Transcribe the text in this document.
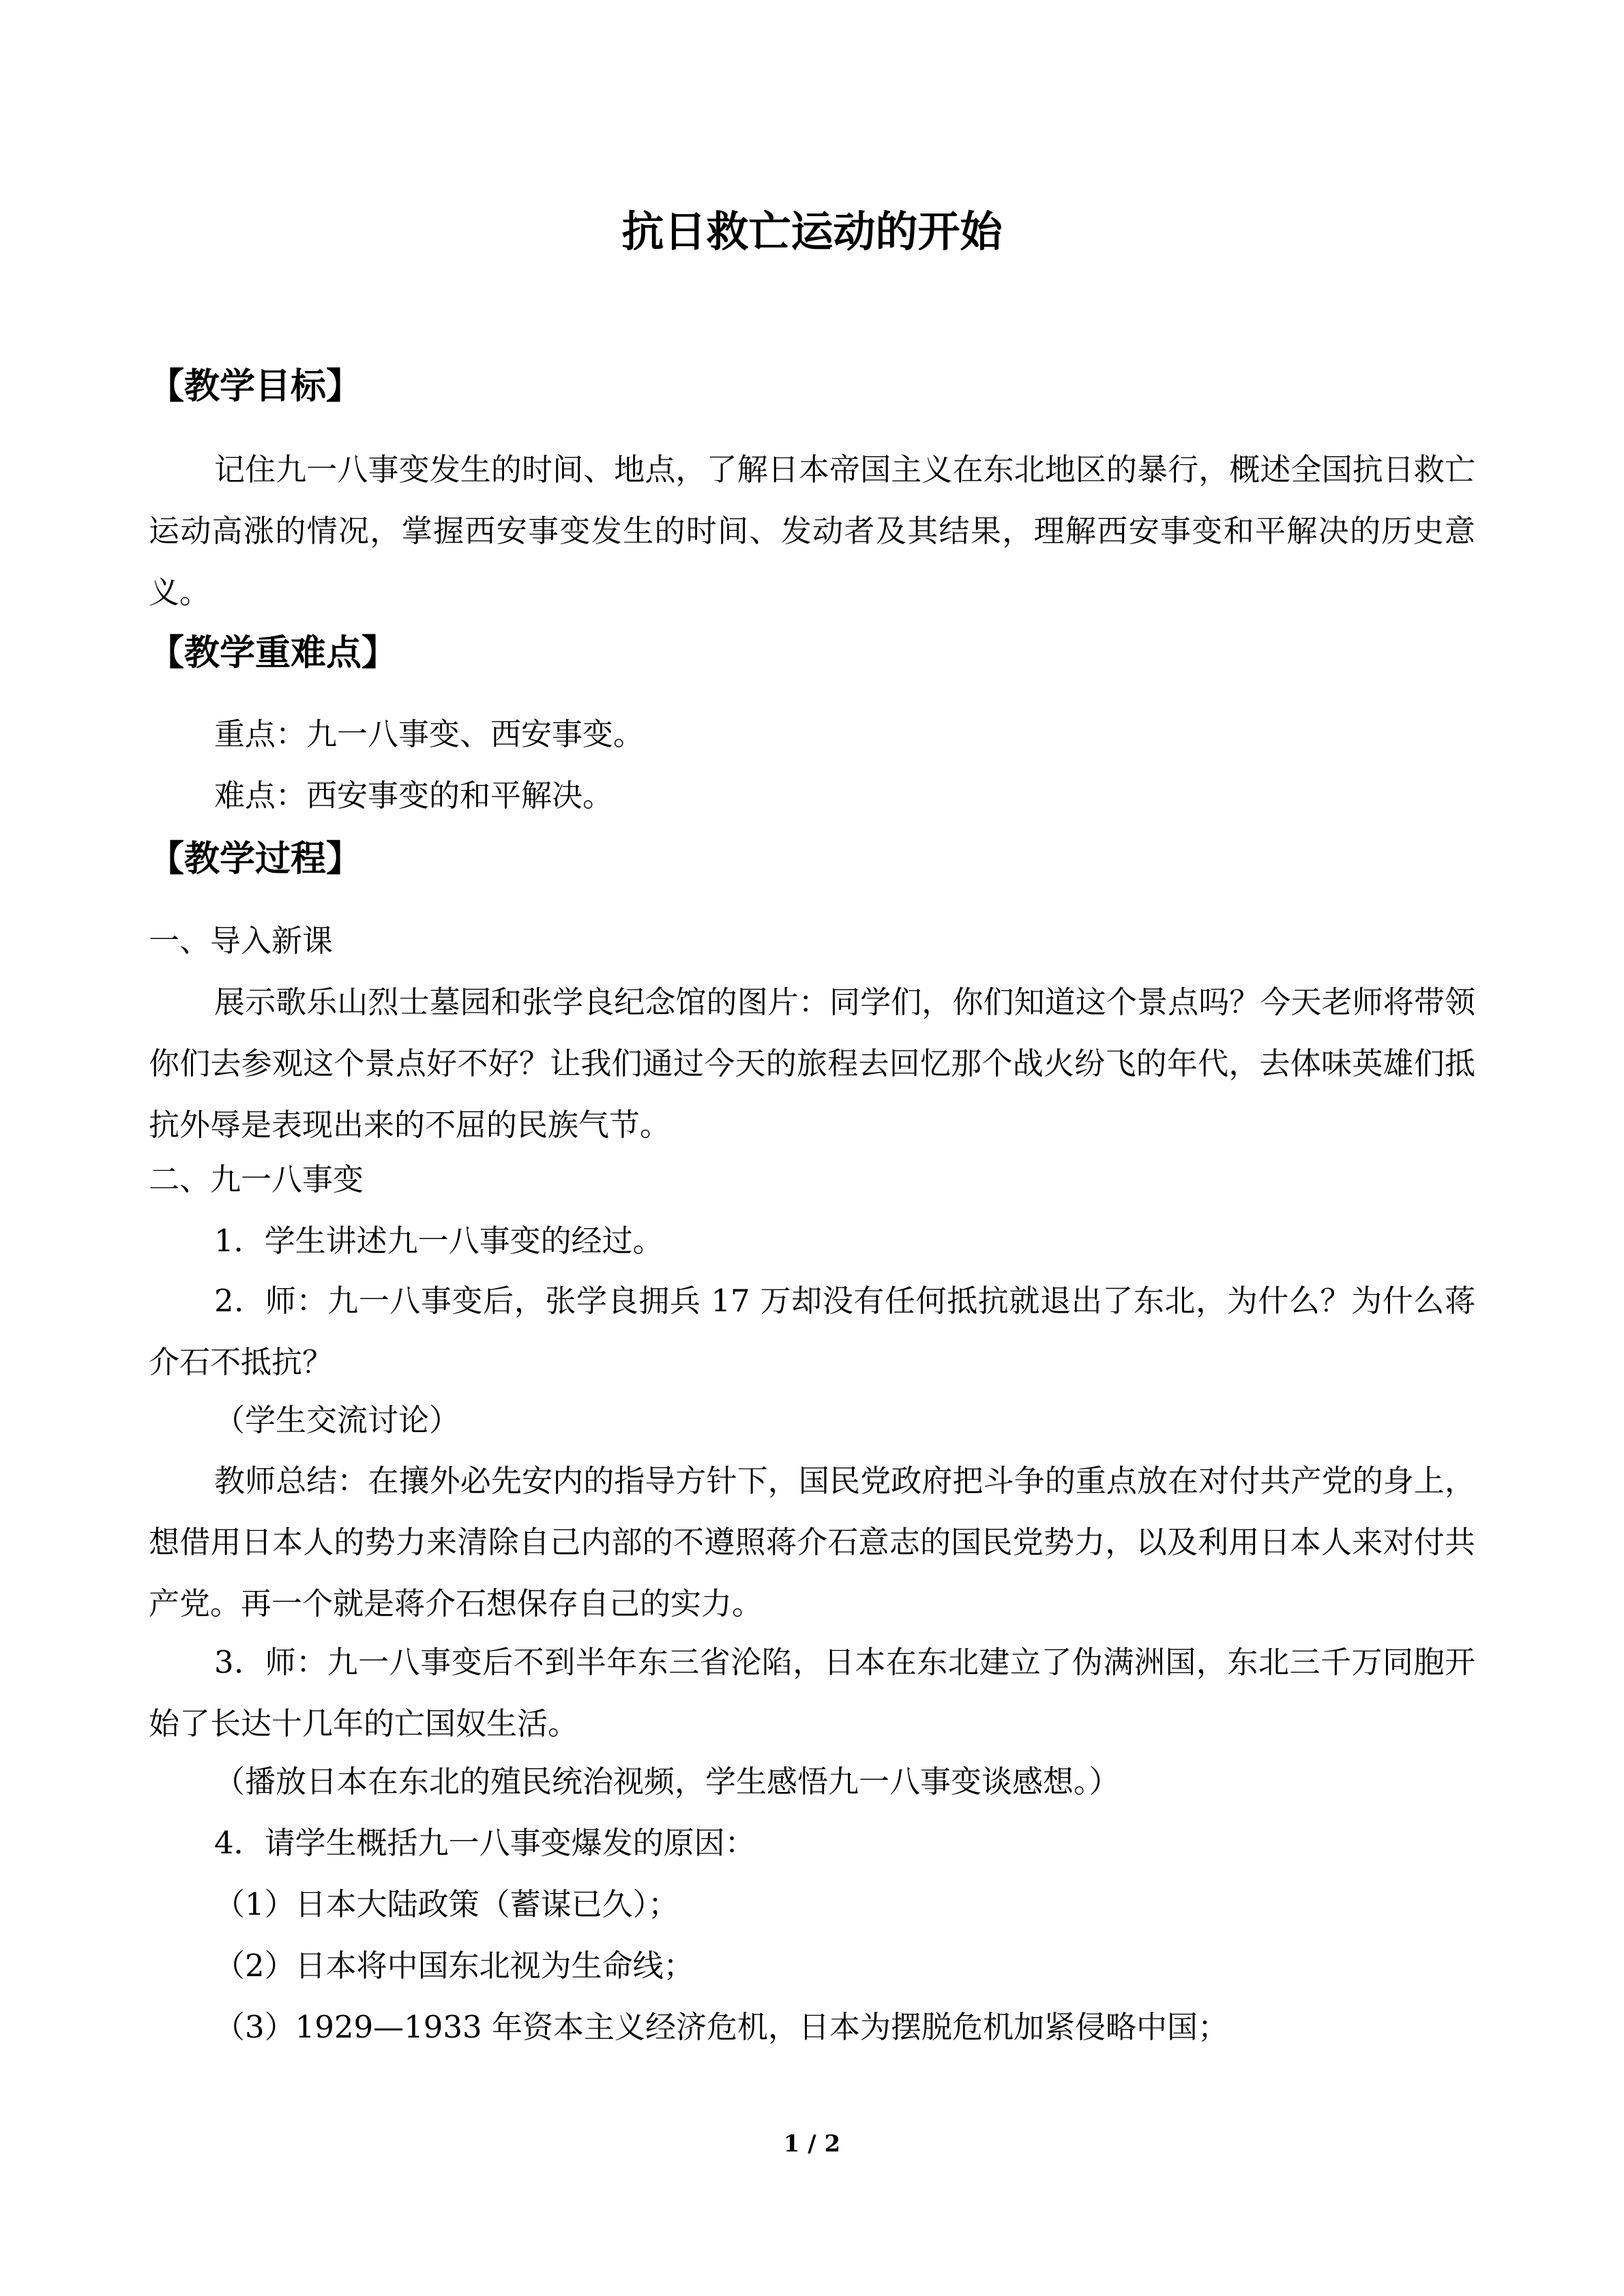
抗日救亡运动的开始
【教学目标】
记住九一八事变发生的时间、地点，了解日本帝国主义在东北地区的暴行，概述全国抗日救亡运动高涨的情况，掌握西安事变发生的时间、发动者及其结果，理解西安事变和平解决的历史意义。
【教学重难点】
重点：九一八事变、西安事变。
难点：西安事变的和平解决。
【教学过程】
一、导入新课
展示歌乐山烈士墓园和张学良纪念馆的图片：同学们，你们知道这个景点吗？今天老师将带领你们去参观这个景点好不好？让我们通过今天的旅程去回忆那个战火纷飞的年代，去体味英雄们抵抗外辱是表现出来的不屈的民族气节。
二、九一八事变
1．学生讲述九一八事变的经过。
2．师：九一八事变后，张学良拥兵 17 万却没有任何抵抗就退出了东北，为什么？为什么蒋介石不抵抗？
（学生交流讨论）
教师总结：在攘外必先安内的指导方针下，国民党政府把斗争的重点放在对付共产党的身上，想借用日本人的势力来清除自己内部的不遵照蒋介石意志的国民党势力，以及利用日本人来对付共产党。再一个就是蒋介石想保存自己的实力。
3．师：九一八事变后不到半年东三省沦陷，日本在东北建立了伪满洲国，东北三千万同胞开始了长达十几年的亡国奴生活。
（播放日本在东北的殖民统治视频，学生感悟九一八事变谈感想。）
4．请学生概括九一八事变爆发的原因：
（1）日本大陆政策（蓄谋已久）；
（2）日本将中国东北视为生命线；
（3）1929—1933 年资本主义经济危机，日本为摆脱危机加紧侵略中国；
1 / 2
